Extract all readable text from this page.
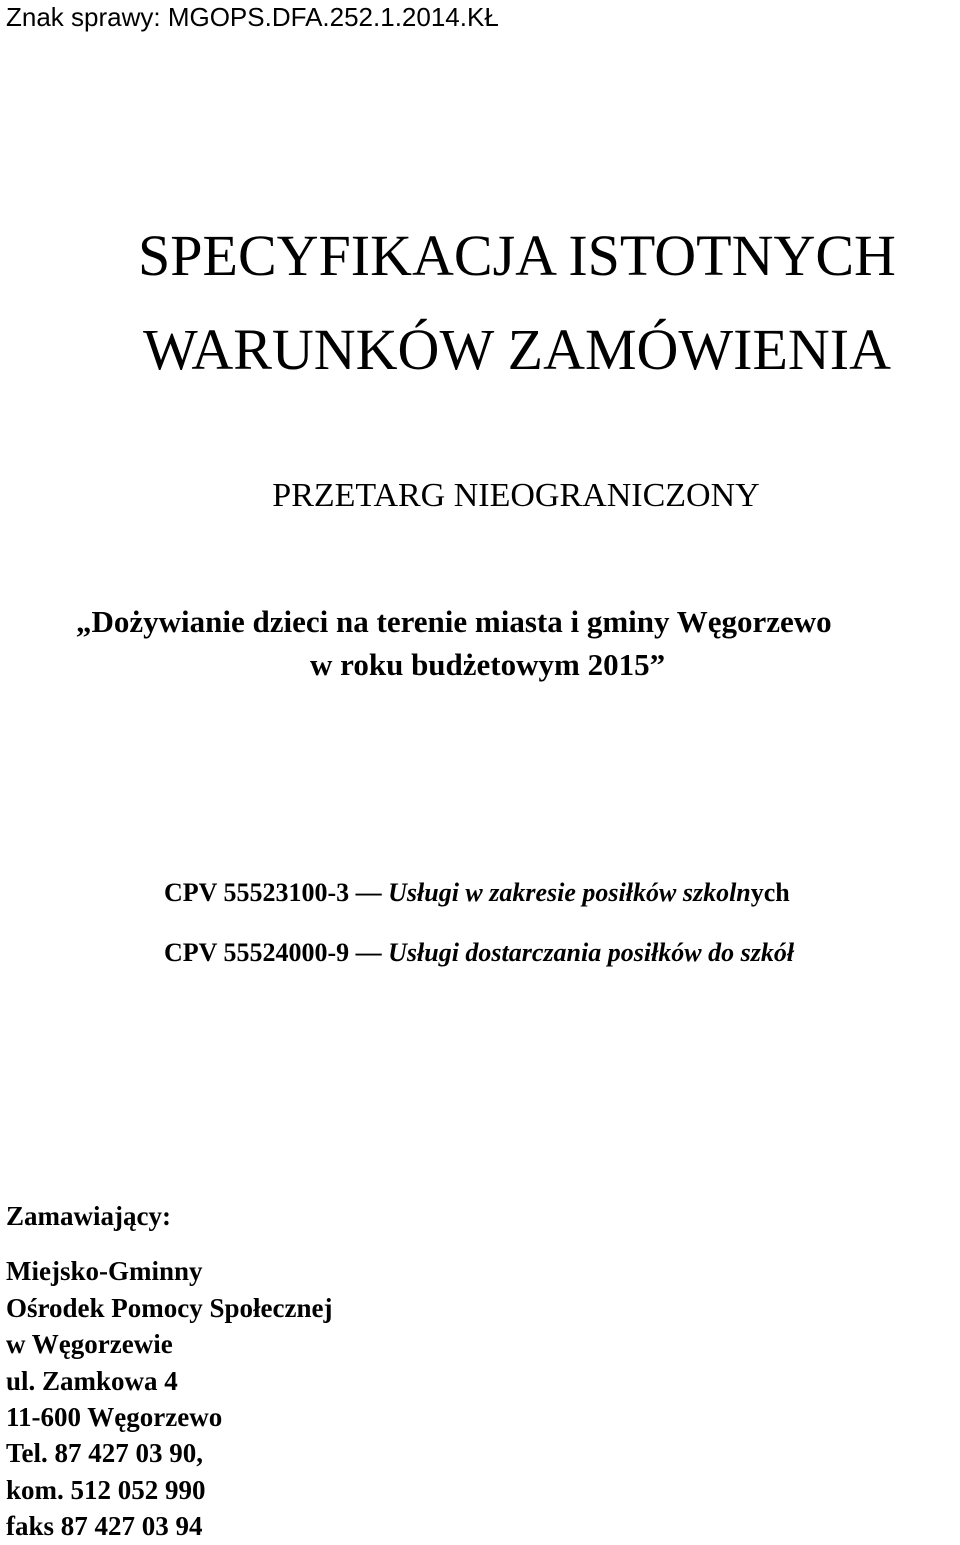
Znak sprawy: MGOPS.DFA.252.1.2014.KŁ
SPECYFIKACJA ISTOTNYCH
WARUNKÓW ZAMÓWIENIA
PRZETARG NIEOGRANICZONY
„Dożywianie dzieci na terenie miasta i gminy Węgorzewo
w roku budżetowym 2015”
CPV 55523100-3 — Usługi w zakresie posiłków szkolnych
CPV 55524000-9 — Usługi dostarczania posiłków do szkół
Zamawiający:
Miejsko-Gminny
Ośrodek Pomocy Społecznej
w Węgorzewie
ul. Zamkowa 4
11-600 Węgorzewo
Tel. 87 427 03 90,
kom. 512 052 990
faks 87 427 03 94
